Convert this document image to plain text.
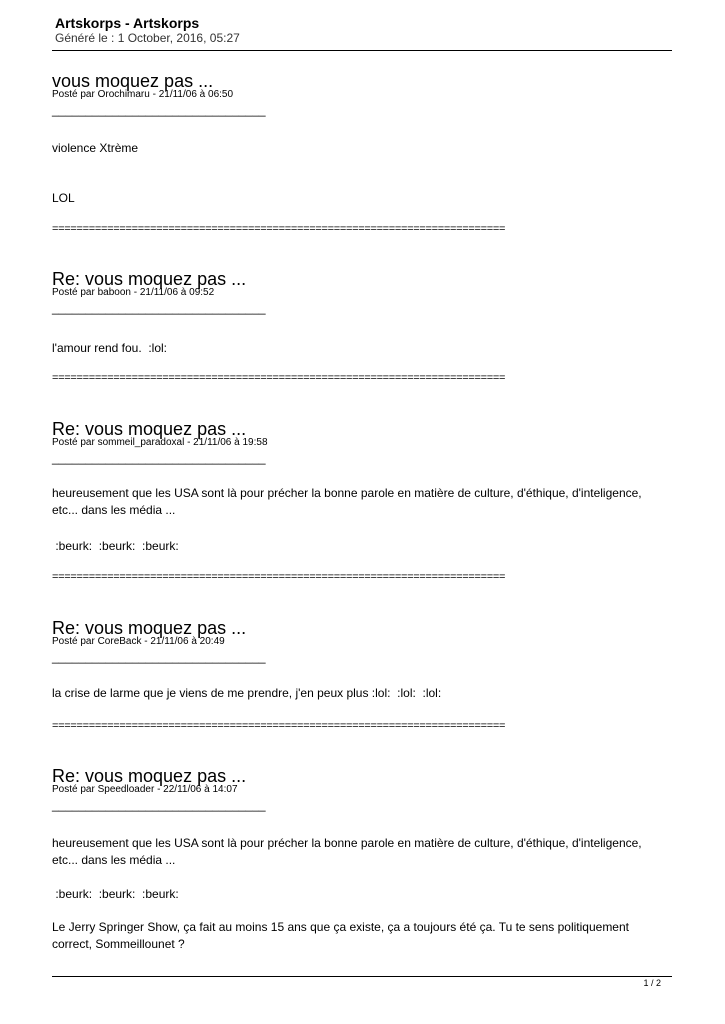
Artskorps - Artskorps
Généré le : 1 October, 2016, 05:27
vous moquez pas ...
Posté par Orochimaru - 21/11/06 à 06:50
________________________________

violence Xtrème

LOL

==========================================================================
Re: vous moquez pas ...
Posté par baboon - 21/11/06 à 09:52
________________________________

l'amour rend fou.  :lol:

==========================================================================
Re: vous moquez pas ...
Posté par sommeil_paradoxal - 21/11/06 à 19:58
________________________________

heureusement que les USA sont là pour précher la bonne parole en matière de culture, d'éthique, d'inteligence, etc... dans les média ...

:beurk:  :beurk:  :beurk:

==========================================================================
Re: vous moquez pas ...
Posté par CoreBack - 21/11/06 à 20:49
________________________________

la crise de larme que je viens de me prendre, j'en peux plus :lol:  :lol:  :lol:

==========================================================================
Re: vous moquez pas ...
Posté par Speedloader - 22/11/06 à 14:07
________________________________

heureusement que les USA sont là pour précher la bonne parole en matière de culture, d'éthique, d'inteligence, etc... dans les média ...

:beurk:  :beurk:  :beurk:

Le Jerry Springer Show, ça fait au moins 15 ans que ça existe, ça a toujours été ça. Tu te sens politiquement correct, Sommeillounet ?

1 / 2
